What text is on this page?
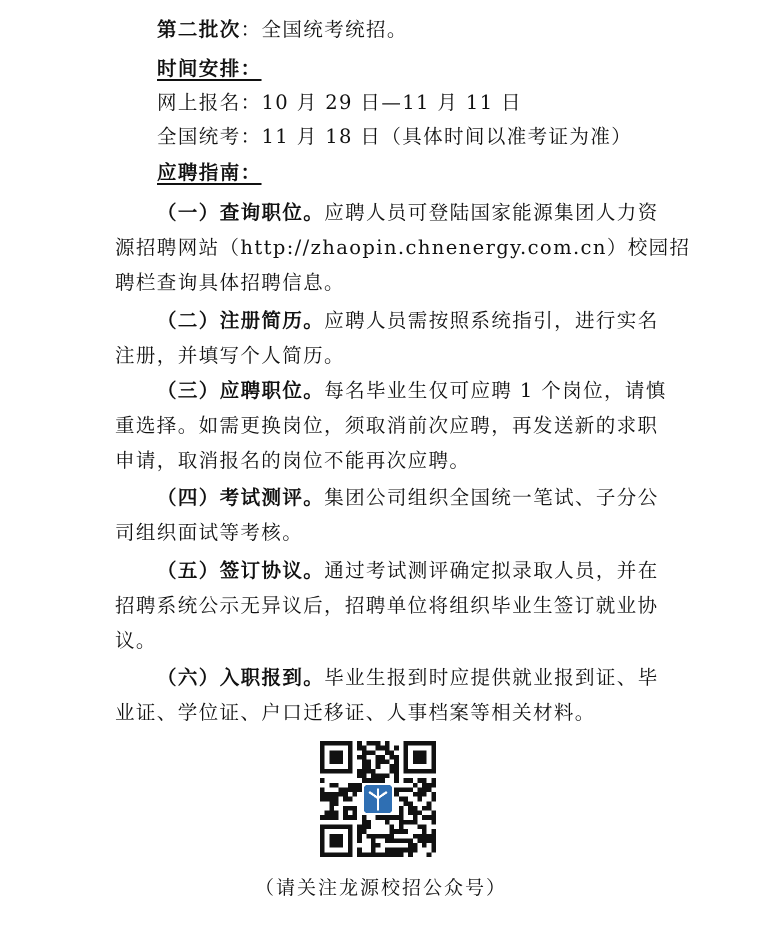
第二批次：全国统考统招。
时间安排：
网上报名：10 月 29 日—11 月 11 日
全国统考：11 月 18 日（具体时间以准考证为准）
应聘指南：
（一）查询职位。应聘人员可登陆国家能源集团人力资
源招聘网站（http://zhaopin.chnenergy.com.cn）校园招
聘栏查询具体招聘信息。
（二）注册简历。应聘人员需按照系统指引，进行实名
注册，并填写个人简历。
（三）应聘职位。每名毕业生仅可应聘 1 个岗位，请慎
重选择。如需更换岗位，须取消前次应聘，再发送新的求职
申请，取消报名的岗位不能再次应聘。
（四）考试测评。集团公司组织全国统一笔试、子分公
司组织面试等考核。
（五）签订协议。通过考试测评确定拟录取人员，并在
招聘系统公示无异议后，招聘单位将组织毕业生签订就业协
议。
（六）入职报到。毕业生报到时应提供就业报到证、毕
业证、学位证、户口迁移证、人事档案等相关材料。
（请关注龙源校招公众号）
